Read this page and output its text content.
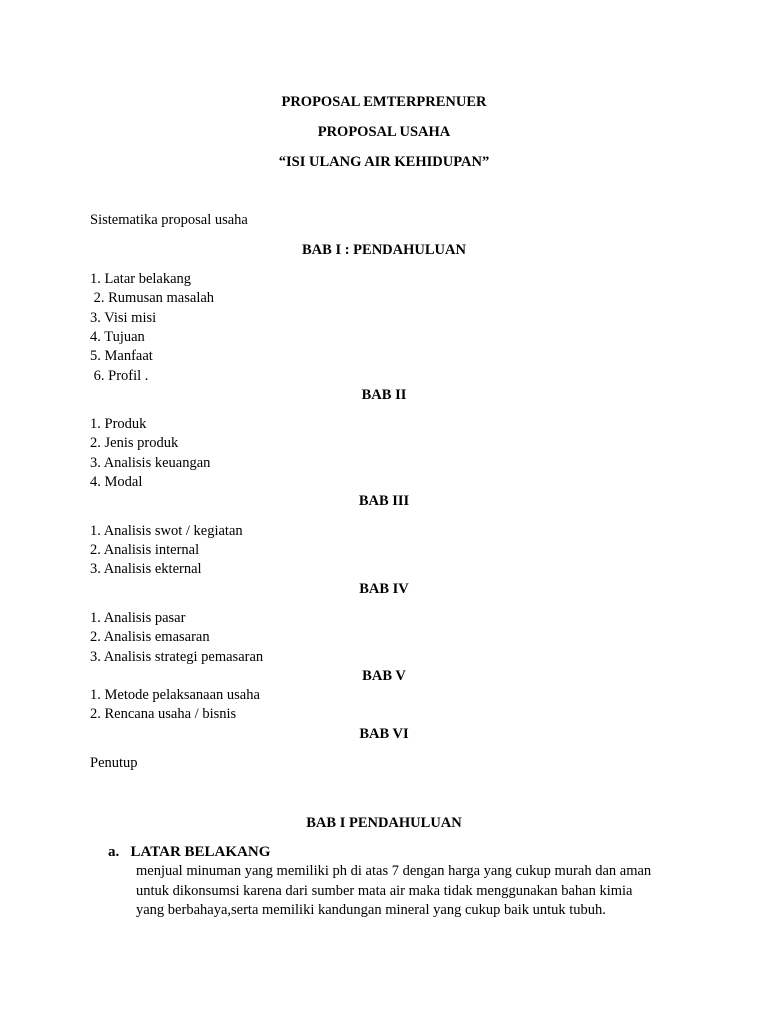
PROPOSAL EMTERPRENUER
PROPOSAL USAHA
“ISI ULANG AIR KEHIDUPAN”
Sistematika proposal usaha
BAB I : PENDAHULUAN
1. Latar belakang
2. Rumusan masalah
3. Visi misi
4. Tujuan
5. Manfaat
6. Profil .
BAB II
1. Produk
2. Jenis produk
3. Analisis keuangan
4. Modal
BAB III
1. Analisis swot / kegiatan
2. Analisis internal
3. Analisis ekternal
BAB IV
1. Analisis pasar
2. Analisis emasaran
3. Analisis strategi pemasaran
BAB V
1. Metode pelaksanaan usaha
2. Rencana usaha / bisnis
BAB VI
Penutup
BAB I PENDAHULUAN
a.   LATAR BELAKANG
menjual minuman yang memiliki ph di atas 7 dengan harga yang cukup murah dan aman
untuk dikonsumsi karena dari sumber mata air maka tidak menggunakan bahan kimia
yang berbahaya,serta memiliki kandungan mineral yang cukup baik untuk tubuh.
